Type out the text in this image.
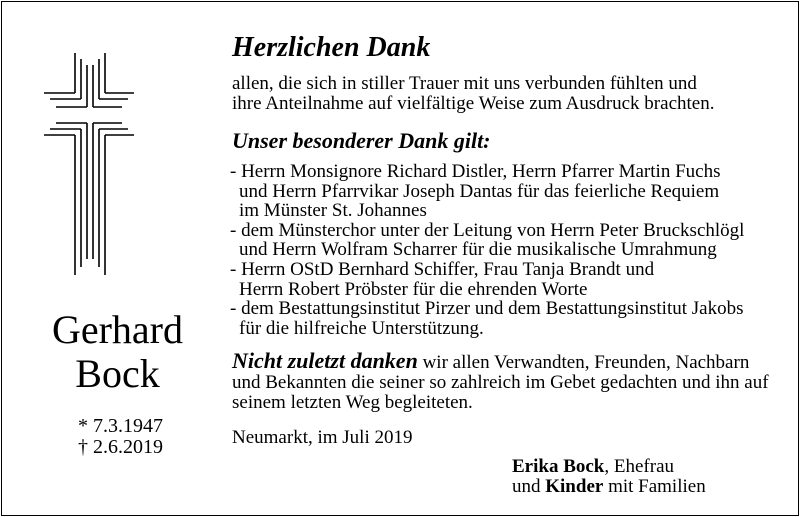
Gerhard
Bock
* 7.3.1947
† 2.6.2019
Herzlichen Dank
allen, die sich in stiller Trauer mit uns verbunden fühlten und
ihre Anteilnahme auf vielfältige Weise zum Ausdruck brachten.
Unser besonderer Dank gilt:
- Herrn Monsignore Richard Distler, Herrn Pfarrer Martin Fuchs
und Herrn Pfarrvikar Joseph Dantas für das feierliche Requiem
im Münster St. Johannes
- dem Münsterchor unter der Leitung von Herrn Peter Bruckschlögl
und Herrn Wolfram Scharrer für die musikalische Umrahmung
- Herrn OStD Bernhard Schiffer, Frau Tanja Brandt und
Herrn Robert Pröbster für die ehrenden Worte
- dem Bestattungsinstitut Pirzer und dem Bestattungsinstitut Jakobs
für die hilfreiche Unterstützung.
Nicht zuletzt danken wir allen Verwandten, Freunden, Nachbarn
und Bekannten die seiner so zahlreich im Gebet gedachten und ihn auf
seinem letzten Weg begleiteten.
Neumarkt, im Juli 2019
Erika Bock, Ehefrau
und Kinder mit Familien
